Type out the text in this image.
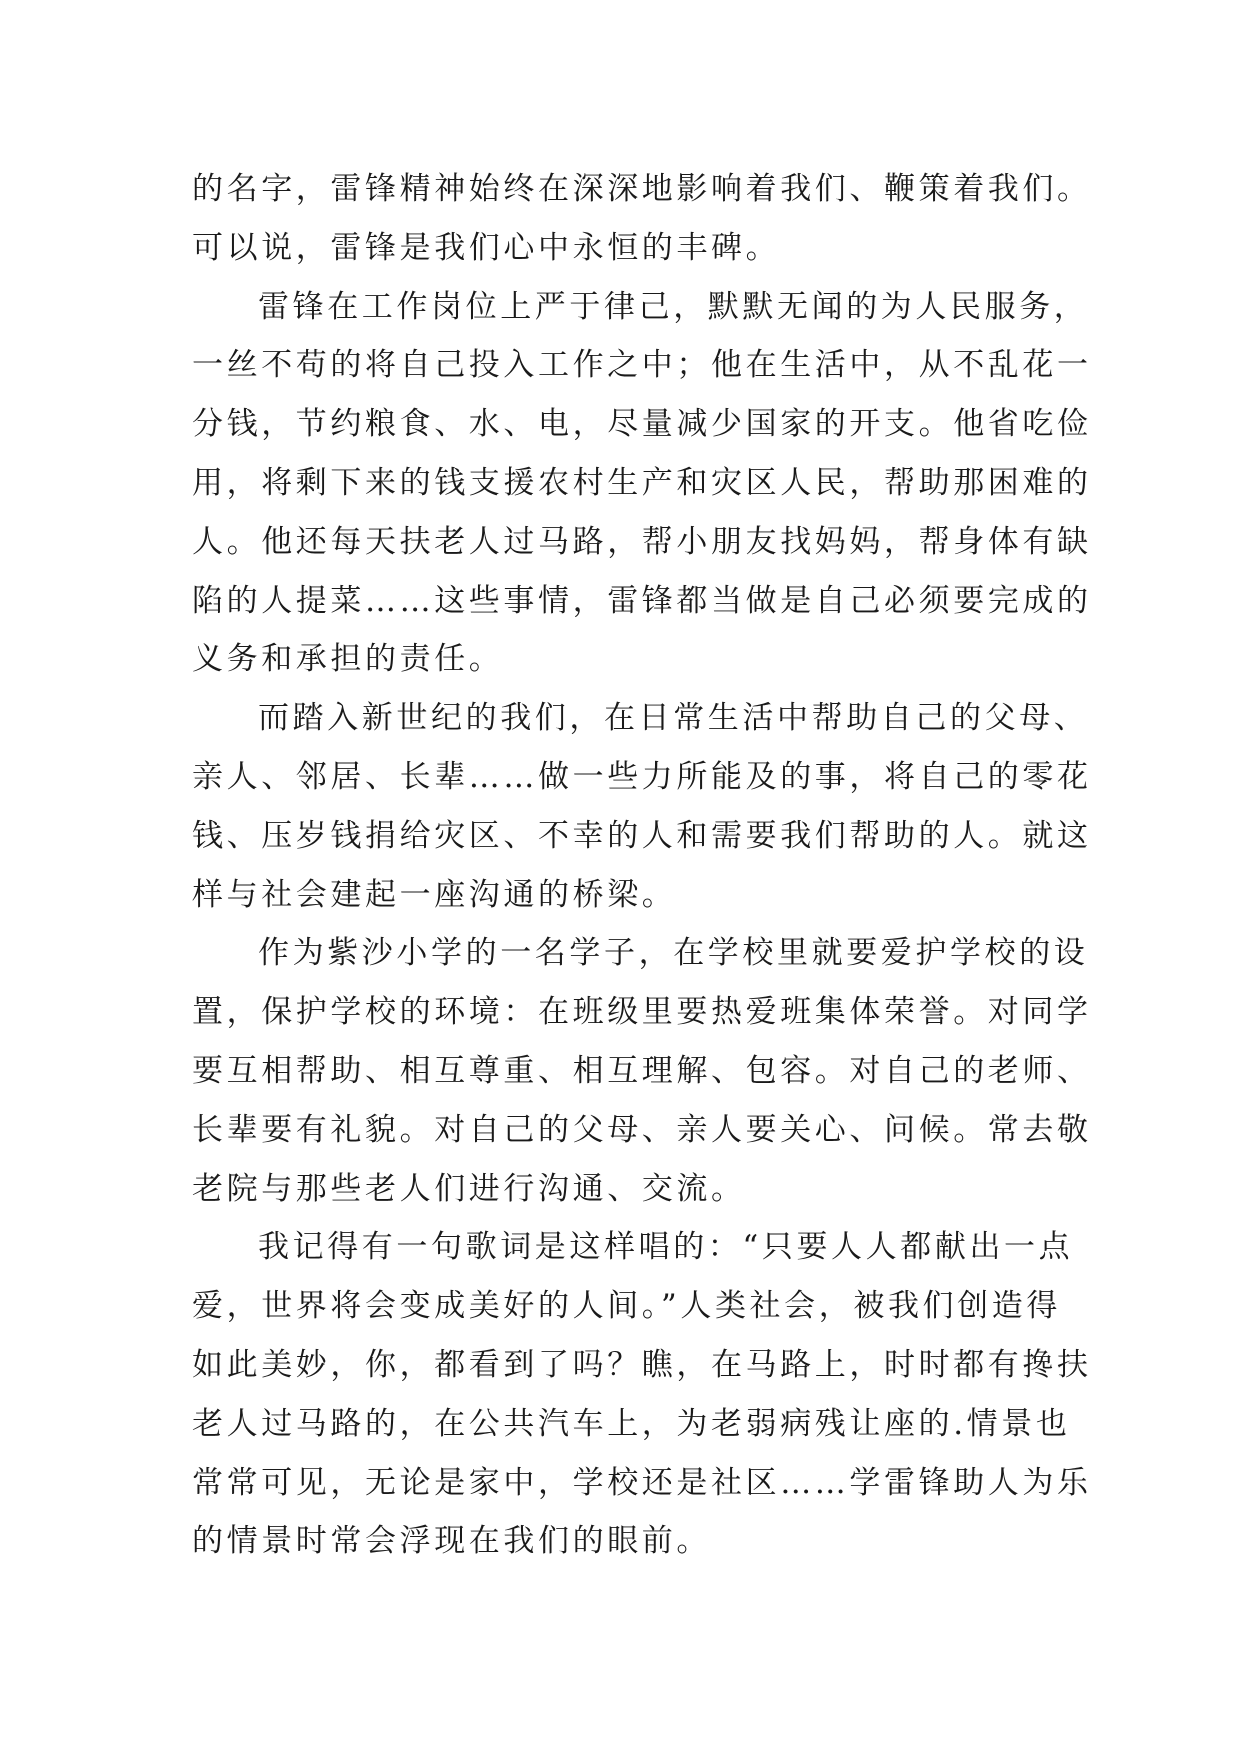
的名字，雷锋精神始终在深深地影响着我们、鞭策着我们。
可以说，雷锋是我们心中永恒的丰碑。
雷锋在工作岗位上严于律己，默默无闻的为人民服务，
一丝不苟的将自己投入工作之中；他在生活中，从不乱花一
分钱，节约粮食、水、电，尽量减少国家的开支。他省吃俭
用，将剩下来的钱支援农村生产和灾区人民，帮助那困难的
人。他还每天扶老人过马路，帮小朋友找妈妈，帮身体有缺
陷的人提菜……这些事情，雷锋都当做是自己必须要完成的
义务和承担的责任。
而踏入新世纪的我们，在日常生活中帮助自己的父母、
亲人、邻居、长辈……做一些力所能及的事，将自己的零花
钱、压岁钱捐给灾区、不幸的人和需要我们帮助的人。就这
样与社会建起一座沟通的桥梁。
作为紫沙小学的一名学子，在学校里就要爱护学校的设
置，保护学校的环境：在班级里要热爱班集体荣誉。对同学
要互相帮助、相互尊重、相互理解、包容。对自己的老师、
长辈要有礼貌。对自己的父母、亲人要关心、问候。常去敬
老院与那些老人们进行沟通、交流。
我记得有一句歌词是这样唱的：“只要人人都献出一点
爱，世界将会变成美好的人间。”人类社会，被我们创造得
如此美妙，你，都看到了吗？瞧，在马路上，时时都有搀扶
老人过马路的，在公共汽车上，为老弱病残让座的.情景也
常常可见，无论是家中，学校还是社区……学雷锋助人为乐
的情景时常会浮现在我们的眼前。
